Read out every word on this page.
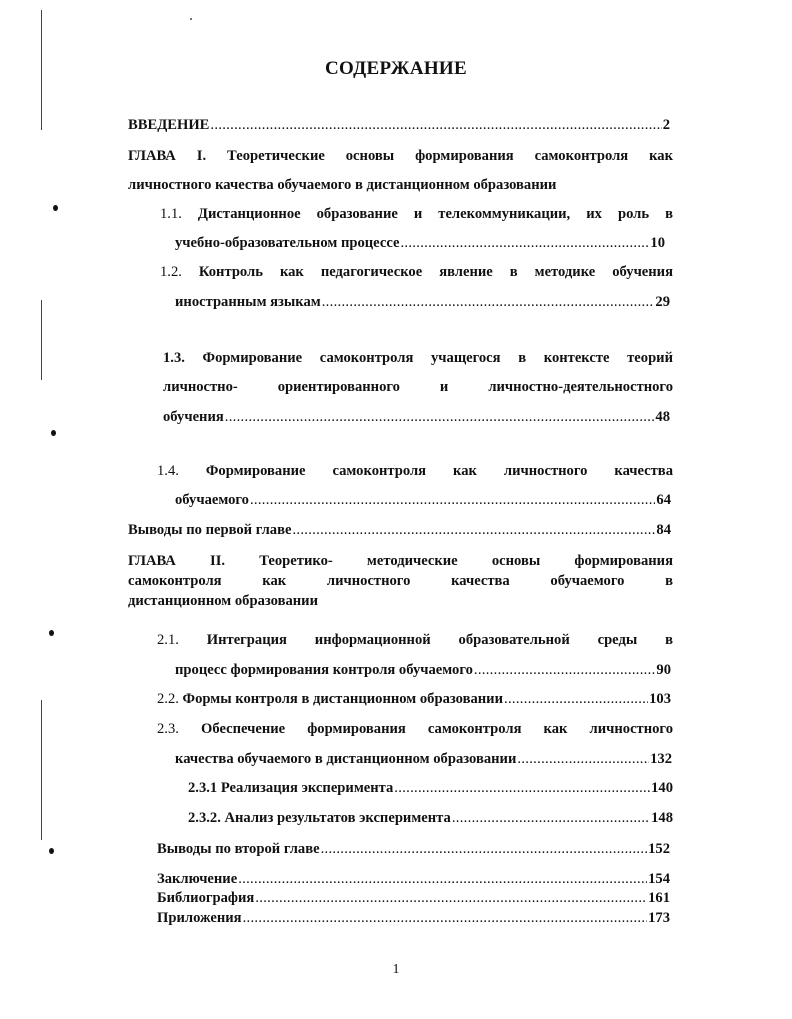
СОДЕРЖАНИЕ
ВВЕДЕНИЕ .....	2
ГЛАВА I. Теоретические основы формирования самоконтроля как
личностного качества обучаемого в дистанционном образовании
1.1. Дистанционное образование и телекоммуникации, их роль в
учебно-образовательном процессе .....	10
1.2. Контроль как педагогическое явление в методике обучения
иностранным языкам .....	29
1.3. Формирование самоконтроля учащегося в контексте теорий
личностно- ориентированного и личностно-деятельностного
обучения .....	48
1.4. Формирование самоконтроля как личностного качества
обучаемого .....	64
Выводы по первой главе .....	84
ГЛАВА II. Теоретико- методические основы формирования
самоконтроля как личностного качества обучаемого в
дистанционном образовании
2.1. Интеграция информационной образовательной среды в
процесс формирования контроля обучаемого .....	90
2.2.
Формы контроля в дистанционном образовании .....	103
2.3. Обеспечение формирования самоконтроля как личностного
качества обучаемого в дистанционном образовании .....	132
2.3.1 Реализация эксперимента .....	140
2.3.2. Анализ результатов эксперимента .....	148
Выводы по второй главе .....	152
Заключение .....	154
Библиография .....	161
Приложения .....	173
1
